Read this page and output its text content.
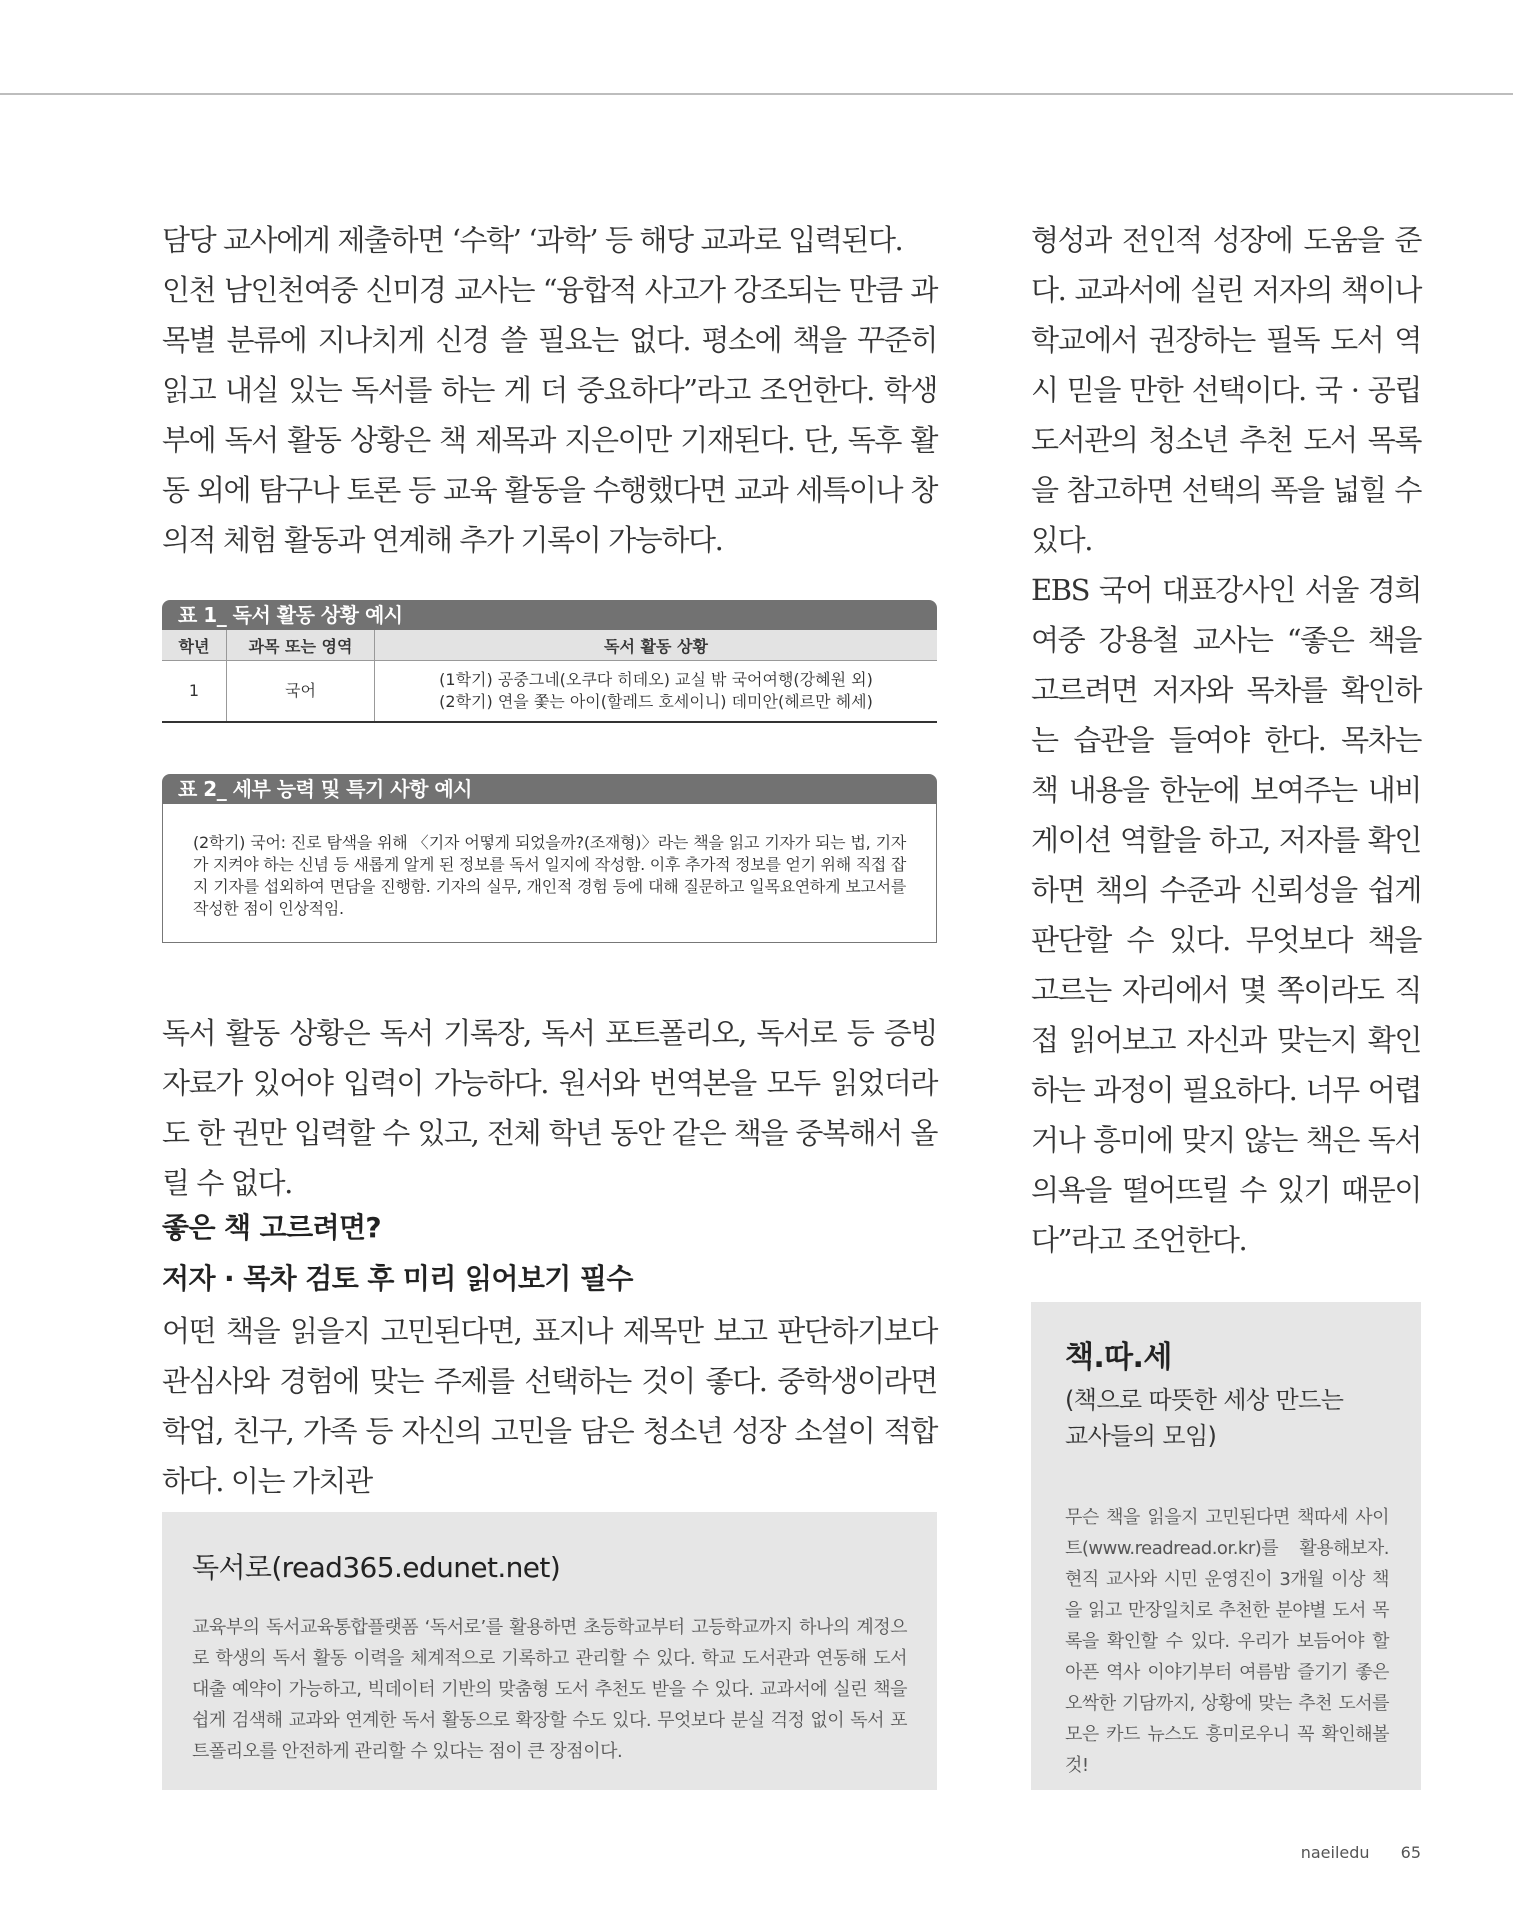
담당 교사에게 제출하면 ‘수학’ ‘과학’ 등 해당 교과로 입력된다.

인천 남인천여중 신미경 교사는 “융합적 사고가 강조되는 만큼 과목별 분류에 지나치게 신경 쓸 필요는 없다. 평소에 책을 꾸준히 읽고 내실 있는 독서를 하는 게 더 중요하다”라고 조언한다. 학생부에 독서 활동 상황은 책 제목과 지은이만 기재된다. 단, 독후 활동 외에 탐구나 토론 등 교육 활동을 수행했다면 교과 세특이나 창의적 체험 활동과 연계해 추가 기록이 가능하다.

표 1_ 독서 활동 상황 예시
학년	과목 또는 영역	독서 활동 상황
1	국어	(1학기) 공중그네(오쿠다 히데오) 교실 밖 국어여행(강혜원 외)
(2학기) 연을 쫓는 아이(할레드 호세이니) 데미안(헤르만 헤세)
표 2_ 세부 능력 및 특기 사항 예시
(2학기) 국어: 진로 탐색을 위해 〈기자 어떻게 되었을까?(조재형)〉라는 책을 읽고 기자가 되는 법, 기자가 지켜야 하는 신념 등 새롭게 알게 된 정보를 독서 일지에 작성함. 이후 추가적 정보를 얻기 위해 직접 잡지 기자를 섭외하여 면담을 진행함. 기자의 실무, 개인적 경험 등에 대해 질문하고 일목요연하게 보고서를 작성한 점이 인상적임.

독서 활동 상황은 독서 기록장, 독서 포트폴리오, 독서로 등 증빙 자료가 있어야 입력이 가능하다. 원서와 번역본을 모두 읽었더라도 한 권만 입력할 수 있고, 전체 학년 동안 같은 책을 중복해서 올릴 수 없다.

좋은 책 고르려면?
저자 · 목차 검토 후 미리 읽어보기 필수

어떤 책을 읽을지 고민된다면, 표지나 제목만 보고 판단하기보다 관심사와 경험에 맞는 주제를 선택하는 것이 좋다. 중학생이라면 학업, 친구, 가족 등 자신의 고민을 담은 청소년 성장 소설이 적합하다. 이는 가치관

독서로(read365.edunet.net)

교육부의 독서교육통합플랫폼 ‘독서로’를 활용하면 초등학교부터 고등학교까지 하나의 계정으로 학생의 독서 활동 이력을 체계적으로 기록하고 관리할 수 있다. 학교 도서관과 연동해 도서 대출 예약이 가능하고, 빅데이터 기반의 맞춤형 도서 추천도 받을 수 있다. 교과서에 실린 책을 쉽게 검색해 교과와 연계한 독서 활동으로 확장할 수도 있다. 무엇보다 분실 걱정 없이 독서 포트폴리오를 안전하게 관리할 수 있다는 점이 큰 장점이다.

형성과 전인적 성장에 도움을 준다. 교과서에 실린 저자의 책이나 학교에서 권장하는 필독 도서 역시 믿을 만한 선택이다. 국 · 공립 도서관의 청소년 추천 도서 목록을 참고하면 선택의 폭을 넓힐 수 있다.

EBS 국어 대표강사인 서울 경희여중 강용철 교사는 “좋은 책을 고르려면 저자와 목차를 확인하는 습관을 들여야 한다. 목차는 책 내용을 한눈에 보여주는 내비게이션 역할을 하고, 저자를 확인하면 책의 수준과 신뢰성을 쉽게 판단할 수 있다. 무엇보다 책을 고르는 자리에서 몇 쪽이라도 직접 읽어보고 자신과 맞는지 확인하는 과정이 필요하다. 너무 어렵거나 흥미에 맞지 않는 책은 독서 의욕을 떨어뜨릴 수 있기 때문이다”라고 조언한다.

책.따.세

(책으로 따뜻한 세상 만드는

교사들의 모임)

무슨 책을 읽을지 고민된다면 책따세 사이트(www.readread.or.kr)를 활용해보자. 현직 교사와 시민 운영진이 3개월 이상 책을 읽고 만장일치로 추천한 분야별 도서 목록을 확인할 수 있다. 우리가 보듬어야 할 아픈 역사 이야기부터 여름밤 즐기기 좋은 오싹한 기담까지, 상황에 맞는 추천 도서를 모은 카드 뉴스도 흥미로우니 꼭 확인해볼 것!

naeiledu 65
